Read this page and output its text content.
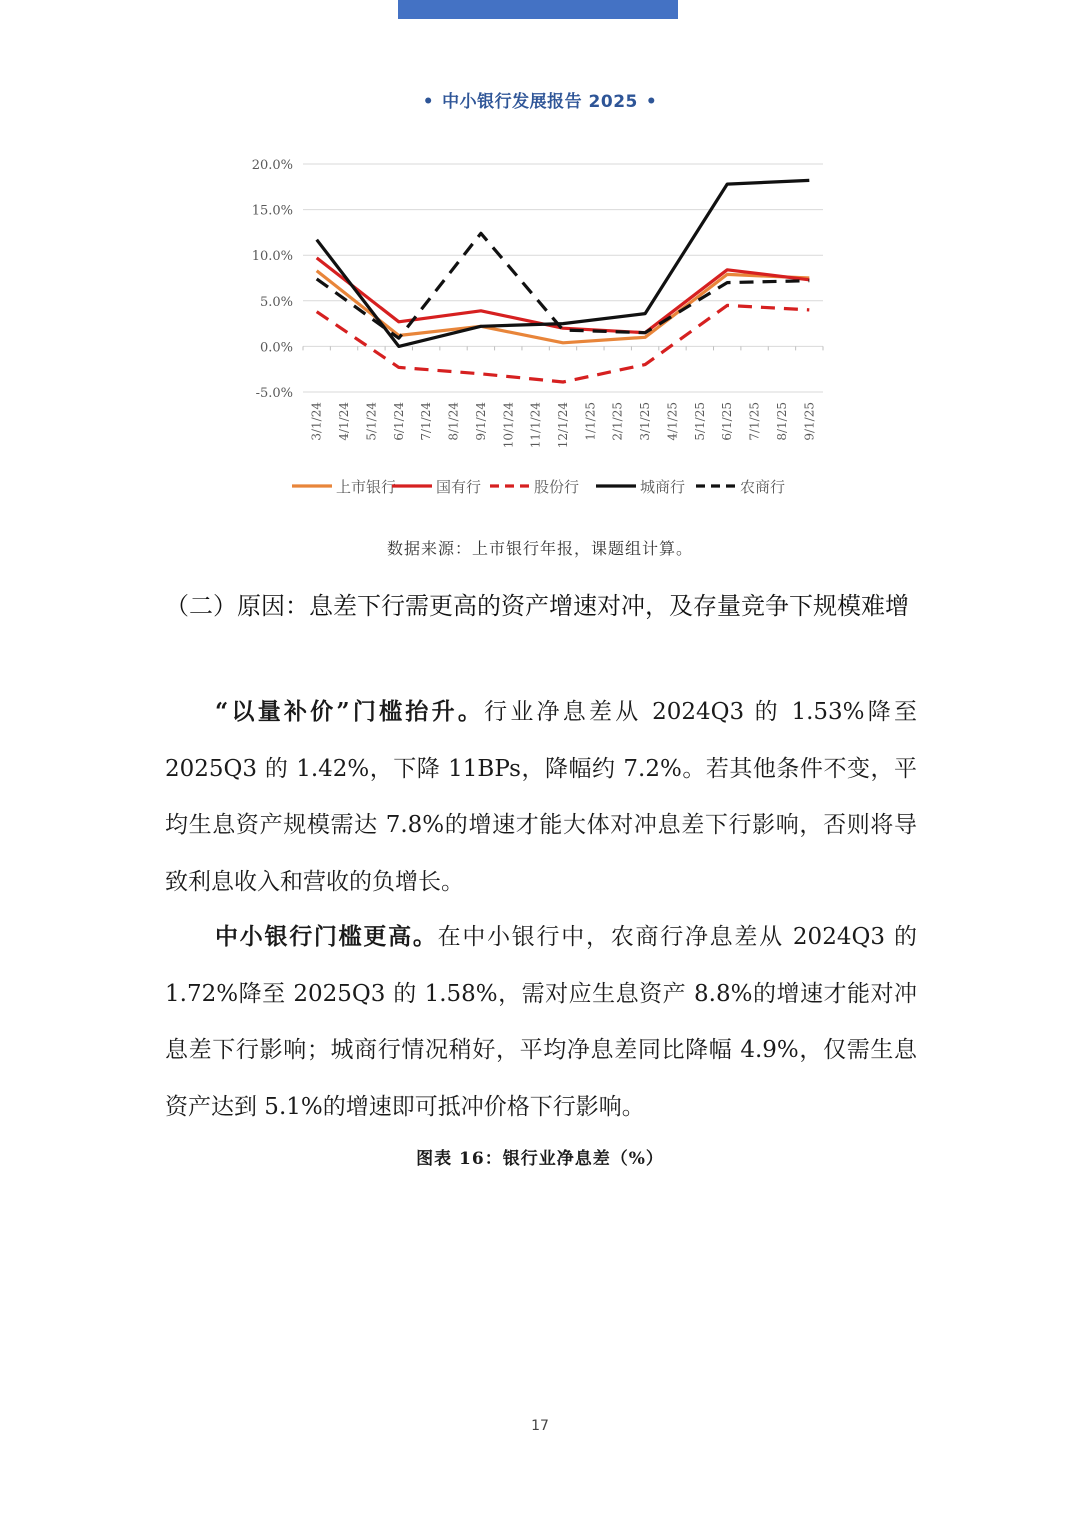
• 中小银行发展报告 2025 •
20.0%
15.0%
10.0%
5.0%
0.0%
-5.0%
3/1/24 4/1/24 5/1/24 6/1/24 7/1/24 8/1/24 9/1/24 10/1/24 11/1/24 12/1/24 1/1/25 2/1/25 3/1/25 4/1/25 5/1/25 6/1/25 7/1/25 8/1/25 9/1/25
上市银行	国有行	股份行	城商行	农商行
数据来源：上市银行年报，课题组计算。
（二）原因：息差下行需更高的资产增速对冲，及存量竞争下规模难增
“以量补价”门槛抬升。行业净息差从 2024Q3 的 1.53%降至 2025Q3 的 1.42%，下降 11BPs，降幅约 7.2%。若其他条件不变，平均生息资产规模需达 7.8%的增速才能大体对冲息差下行影响，否则将导致利息收入和营收的负增长。
中小银行门槛更高。在中小银行中，农商行净息差从 2024Q3 的 1.72%降至 2025Q3 的 1.58%，需对应生息资产 8.8%的增速才能对冲息差下行影响；城商行情况稍好，平均净息差同比降幅 4.9%，仅需生息资产达到 5.1%的增速即可抵冲价格下行影响。
图表 16：银行业净息差（%）
17
